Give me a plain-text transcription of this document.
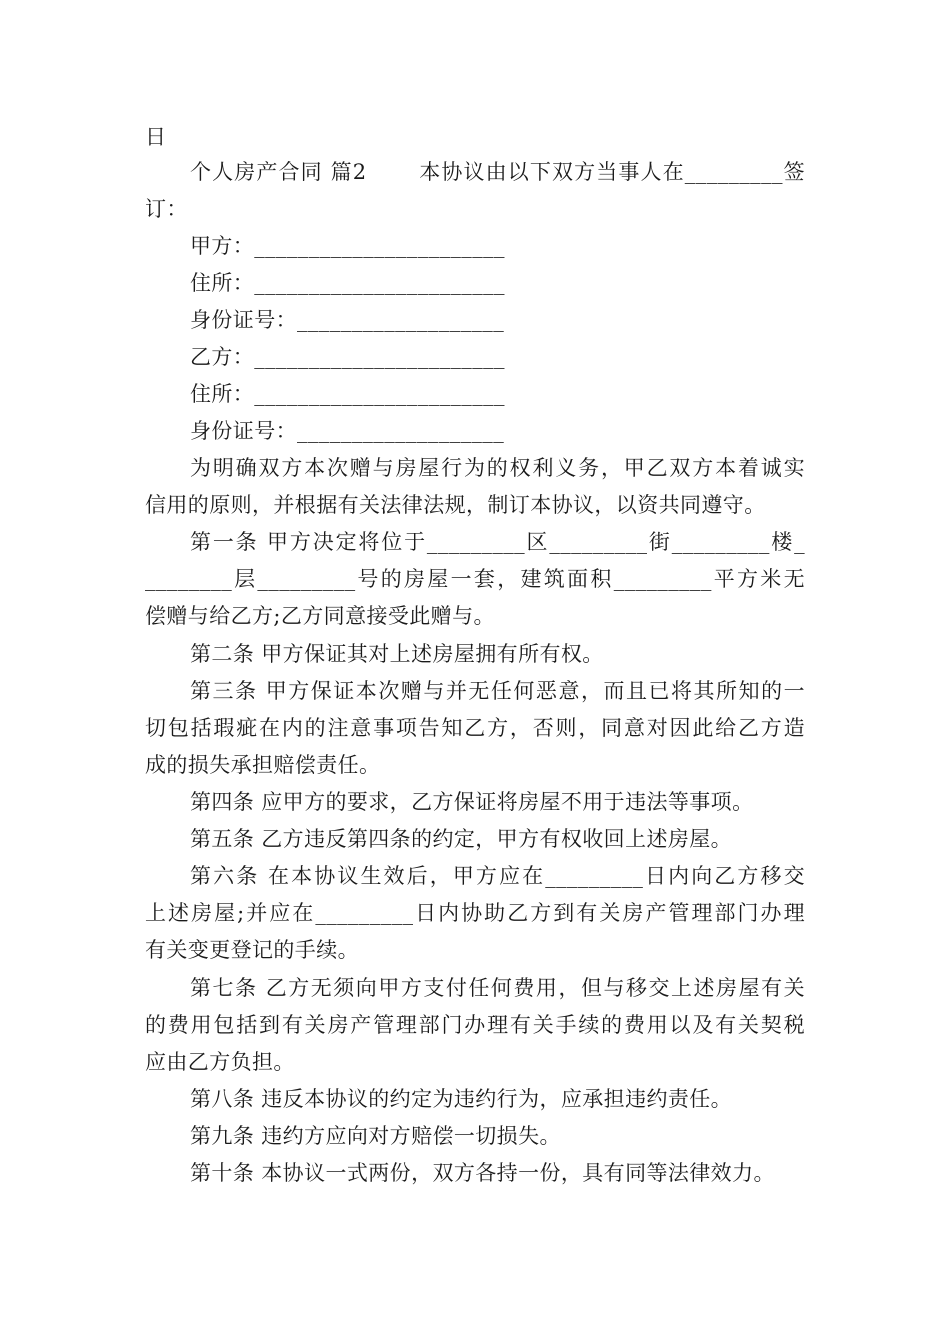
日
个人房产合同 篇2　　 本协议由以下双方当事人在_________签
订：
甲方：_______________________
住所：_______________________
身份证号：___________________
乙方：_______________________
住所：_______________________
身份证号：___________________
为明确双方本次赠与房屋行为的权利义务，甲乙双方本着诚实
信用的原则，并根据有关法律法规，制订本协议，以资共同遵守。
第一条 甲方决定将位于_________区_________街_________楼_
________层_________号的房屋一套，建筑面积_________平方米无
偿赠与给乙方;乙方同意接受此赠与。
第二条 甲方保证其对上述房屋拥有所有权。
第三条 甲方保证本次赠与并无任何恶意，而且已将其所知的一
切包括瑕疵在内的注意事项告知乙方，否则，同意对因此给乙方造
成的损失承担赔偿责任。
第四条 应甲方的要求，乙方保证将房屋不用于违法等事项。
第五条 乙方违反第四条的约定，甲方有权收回上述房屋。
第六条 在本协议生效后，甲方应在_________日内向乙方移交
上述房屋;并应在_________日内协助乙方到有关房产管理部门办理
有关变更登记的手续。
第七条 乙方无须向甲方支付任何费用，但与移交上述房屋有关
的费用包括到有关房产管理部门办理有关手续的费用以及有关契税
应由乙方负担。
第八条 违反本协议的约定为违约行为，应承担违约责任。
第九条 违约方应向对方赔偿一切损失。
第十条 本协议一式两份，双方各持一份，具有同等法律效力。
